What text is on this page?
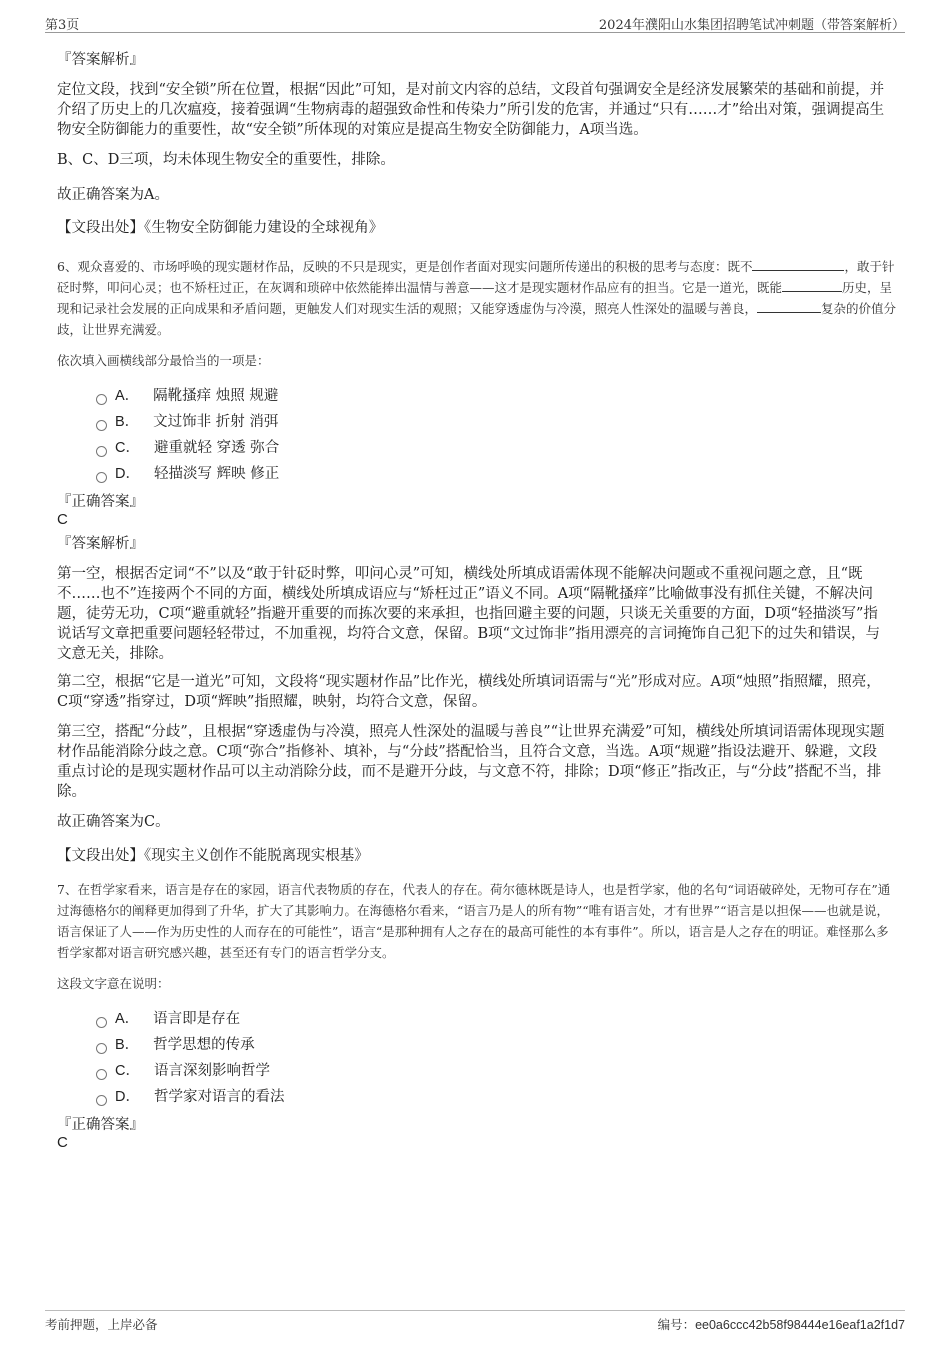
第3页	2024年濮阳山水集团招聘笔试冲刺题（带答案解析）
『答案解析』
定位文段，找到“安全锁”所在位置，根据“因此”可知，是对前文内容的总结，文段首句强调安全是经济发展繁荣的基础和前提，并介绍了历史上的几次瘟疫，接着强调“生物病毒的超强致命性和传染力”所引发的危害，并通过“只有……才”给出对策，强调提高生物安全防御能力的重要性，故“安全锁”所体现的对策应是提高生物安全防御能力，A项当选。
B、C、D三项，均未体现生物安全的重要性，排除。
故正确答案为A。
【文段出处】《生物安全防御能力建设的全球视角》
6、观众喜爱的、市场呼唤的现实题材作品，反映的不只是现实，更是创作者面对现实问题所传递出的积极的思考与态度：既不	，敢于针砭时弊，叩问心灵；也不矫枉过正，在灰调和琐碎中依然能捧出温情与善意——这才是现实题材作品应有的担当。它是一道光，既能	历史，呈现和记录社会发展的正向成果和矛盾问题，更触发人们对现实生活的观照；又能穿透虚伪与冷漠，照亮人性深处的温暖与善良，	复杂的价值分歧，让世界充满爱。
依次填入画横线部分最恰当的一项是：
A． 隔靴搔痒 烛照 规避
B． 文过饰非 折射 消弭
C． 避重就轻 穿透 弥合
D． 轻描淡写 辉映 修正
『正确答案』
C
『答案解析』
第一空，根据否定词“不”以及“敢于针砭时弊，叩问心灵”可知，横线处所填成语需体现不能解决问题或不重视问题之意，且“既不……也不”连接两个不同的方面，横线处所填成语应与“矫枉过正”语义不同。A项“隔靴搔痒”比喻做事没有抓住关键，不解决问题，徒劳无功，C项“避重就轻”指避开重要的而拣次要的来承担，也指回避主要的问题，只谈无关重要的方面，D项“轻描淡写”指说话写文章把重要问题轻轻带过，不加重视，均符合文意，保留。B项“文过饰非”指用漂亮的言词掩饰自己犯下的过失和错误，与文意无关，排除。
第二空，根据“它是一道光”可知，文段将“现实题材作品”比作光，横线处所填词语需与“光”形成对应。A项“烛照”指照耀，照亮，C项“穿透”指穿过，D项“辉映”指照耀，映射，均符合文意，保留。
第三空，搭配“分歧”，且根据“穿透虚伪与冷漠，照亮人性深处的温暖与善良”“让世界充满爱”可知，横线处所填词语需体现现实题材作品能消除分歧之意。C项“弥合”指修补、填补，与“分歧”搭配恰当，且符合文意，当选。A项“规避”指设法避开、躲避，文段重点讨论的是现实题材作品可以主动消除分歧，而不是避开分歧，与文意不符，排除；D项“修正”指改正，与“分歧”搭配不当，排除。
故正确答案为C。
【文段出处】《现实主义创作不能脱离现实根基》
7、在哲学家看来，语言是存在的家园，语言代表物质的存在，代表人的存在。荷尔德林既是诗人，也是哲学家，他的名句“词语破碎处，无物可存在”通过海德格尔的阐释更加得到了升华，扩大了其影响力。在海德格尔看来，“语言乃是人的所有物”“唯有语言处，才有世界”“语言是以担保——也就是说，语言保证了人——作为历史性的人而存在的可能性”，语言“是那种拥有人之存在的最高可能性的本有事件”。所以，语言是人之存在的明证。难怪那么多哲学家都对语言研究感兴趣，甚至还有专门的语言哲学分支。
这段文字意在说明：
A． 语言即是存在
B． 哲学思想的传承
C． 语言深刻影响哲学
D． 哲学家对语言的看法
『正确答案』
C
考前押题，上岸必备	编号：ee0a6ccc42b58f98444e16eaf1a2f1d7
